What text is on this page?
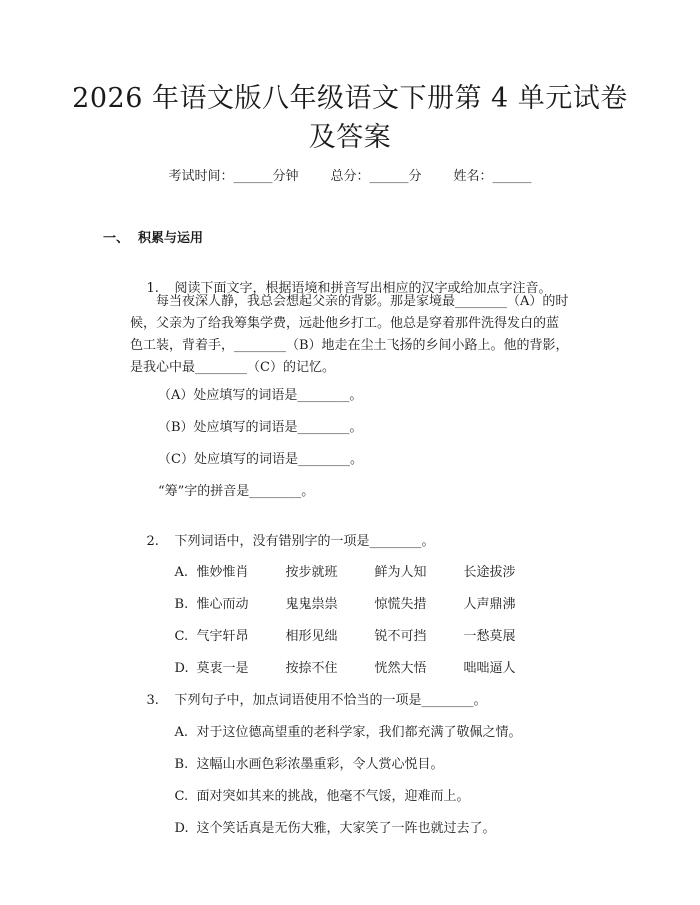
2026 年语文版八年级语文下册第 4 单元试卷
及答案
考试时间：______分钟 总分：______分 姓名：______
一、  积累与运用

1. 阅读下面文字，根据语境和拼音写出相应的汉字或给加点字注音。

每当夜深人静，我总会想起父亲的背影。那是家境最________（A）的时候，父亲为了给我筹集学费，远赴他乡打工。他总是穿着那件洗得发白的蓝色工装，背着手，________（B）地走在尘土飞扬的乡间小路上。他的背影，是我心中最________（C）的记忆。
（A）处应填写的词语是________。
（B）处应填写的词语是________。
（C）处应填写的词语是________。
“筹”字的拼音是________。

2. 下列词语中，没有错别字的一项是________。

A. 惟妙惟肖	按步就班	鲜为人知	长途拔涉

B. 惟心而动	鬼鬼祟祟	惊慌失措	人声鼎沸

C. 气宇轩昂	相形见绌	锐不可挡	一愁莫展

D. 莫衷一是	按捺不住	恍然大悟	咄咄逼人

3. 下列句子中，加点词语使用不恰当的一项是________。

A. 对于这位德高望重的老科学家，我们都充满了敬佩之情。

B. 这幅山水画色彩浓墨重彩，令人赏心悦目。

C. 面对突如其来的挑战，他毫不气馁，迎难而上。

D. 这个笑话真是无伤大雅，大家笑了一阵也就过去了。
